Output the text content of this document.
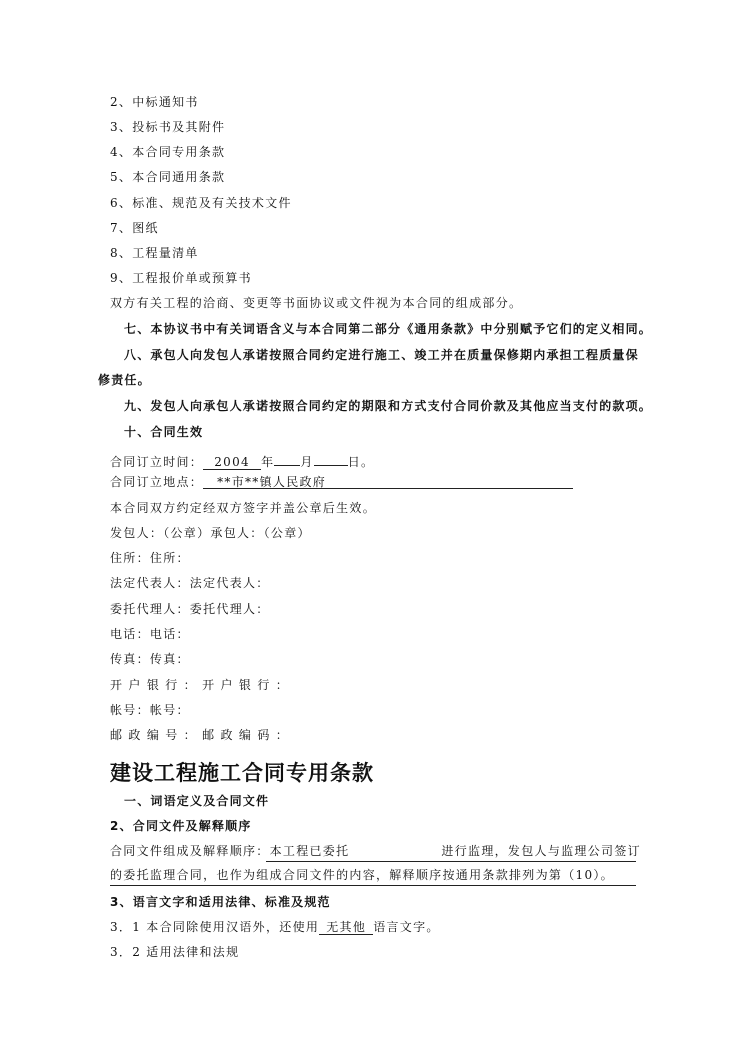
2、中标通知书
3、投标书及其附件
4、本合同专用条款
5、本合同通用条款
6、标准、规范及有关技术文件
7、图纸
8、工程量清单
9、工程报价单或预算书
双方有关工程的洽商、变更等书面协议或文件视为本合同的组成部分。
七、本协议书中有关词语含义与本合同第二部分《通用条款》中分别赋予它们的定义相同。
八、承包人向发包人承诺按照合同约定进行施工、竣工并在质量保修期内承担工程质量保
修责任。
九、发包人向承包人承诺按照合同约定的期限和方式支付合同价款及其他应当支付的款项。
十、合同生效
合同订立时间： 2004 年 月	日。
合同订立地点： **市**镇人民政府
本合同双方约定经双方签字并盖公章后生效。
发包人：（公章）承包人：（公章）
住所：住所：
法定代表人：法定代表人：
委托代理人：委托代理人：
电话：电话：
传真：传真：
开 户 银 行 ： 开 户 银 行 ：
帐号：帐号：
邮 政 编 号 ： 邮 政 编 码 ：
建设工程施工合同专用条款
一、词语定义及合同文件
2、合同文件及解释顺序
合同文件组成及解释顺序：本工程已委托	进行监理，发包人与监理公司签订
的委托监理合同，也作为组成合同文件的内容，解释顺序按通用条款排列为第（10）。
3、语言文字和适用法律、标准及规范
3．1 本合同除使用汉语外，还使用 无其他 语言文字。
3．2 适用法律和法规
